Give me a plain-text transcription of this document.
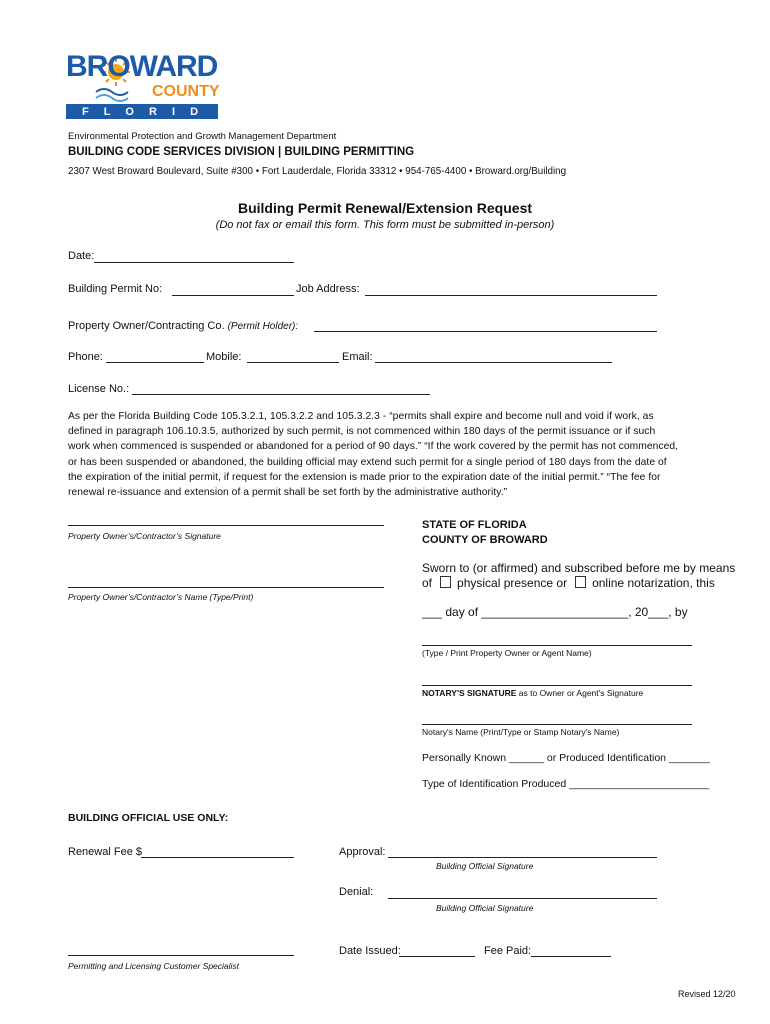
BROWARD
COUNTY
F L O R I D A
Environmental Protection and Growth Management Department
BUILDING CODE SERVICES DIVISION | BUILDING PERMITTING
2307 West Broward Boulevard, Suite #300 • Fort Lauderdale, Florida 33312 • 954-765-4400 • Broward.org/Building
Building Permit Renewal/Extension Request
(Do not fax or email this form. This form must be submitted in-person)
Date:
Building Permit No:	Job Address:
Property Owner/Contracting Co. (Permit Holder):
Phone:	Mobile:	Email:
License No.:
As per the Florida Building Code 105.3.2.1, 105.3.2.2 and 105.3.2.3 - “permits shall expire and become null and void if work, as defined in paragraph 106.10.3.5, authorized by such permit, is not commenced within 180 days of the permit issuance or if such work when commenced is suspended or abandoned for a period of 90 days.” “If the work covered by the permit has not commenced, or has been suspended or abandoned, the building official may extend such permit for a single period of 180 days from the date of the expiration of the initial permit, if request for the extension is made prior to the expiration date of the initial permit.” “The fee for renewal re-issuance and extension of a permit shall be set forth by the administrative authority.”
Property Owner’s/Contractor’s Signature
Property Owner’s/Contractor’s Name (Type/Print)
STATE OF FLORIDA
COUNTY OF BROWARD
Sworn to (or affirmed) and subscribed before me by means
of physical presence or online notarization, this
___ day of ______________________, 20___, by
(Type / Print Property Owner or Agent Name)
NOTARY'S SIGNATURE as to Owner or Agent's Signature
Notary's Name (Print/Type or Stamp Notary's Name)
Personally Known ______ or Produced Identification _______
Type of Identification Produced ________________________
BUILDING OFFICIAL USE ONLY:
Renewal Fee $	Approval:
Building Official Signature
Denial:
Building Official Signature
Permitting and Licensing Customer Specialist
Date Issued:	Fee Paid:
Revised 12/20
